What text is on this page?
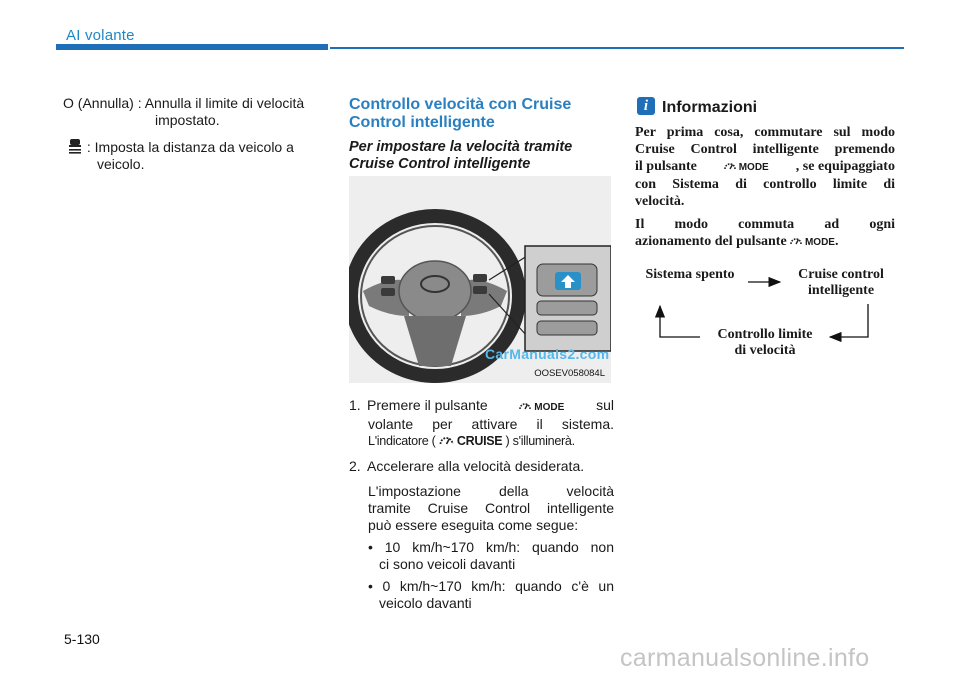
AI volante
O (Annulla) : Annulla il limite di velocità
impostato.
: Imposta la distanza da veicolo a
veicolo.
Controllo velocità con Cruise
Control intelligente
Per impostare la velocità tramite
Cruise Control intelligente
CarManuals2.com
OOSEV058084L
1. Premere il pulsante	MODE sul
volante per attivare il sistema.
L'indicatore ( CRUISE ) s'illuminerà.
2. Accelerare alla velocità desiderata.
L'impostazione della velocità
tramite Cruise Control intelligente
può essere eseguita come segue:
• 10 km/h~170 km/h: quando non
ci sono veicoli davanti
• 0 km/h~170 km/h: quando c'è un
veicolo davanti
i Informazioni

Per prima cosa, commutare sul modo
Cruise Control intelligente premendo
il pulsante	MODE , se equipaggiato
con Sistema di controllo limite di
velocità.

Il modo commuta ad ogni
azionamento del pulsante MODE.

Sistema spento	Cruise control
intelligente
Controllo limite
di velocità
5-130
carmanualsonline.info
